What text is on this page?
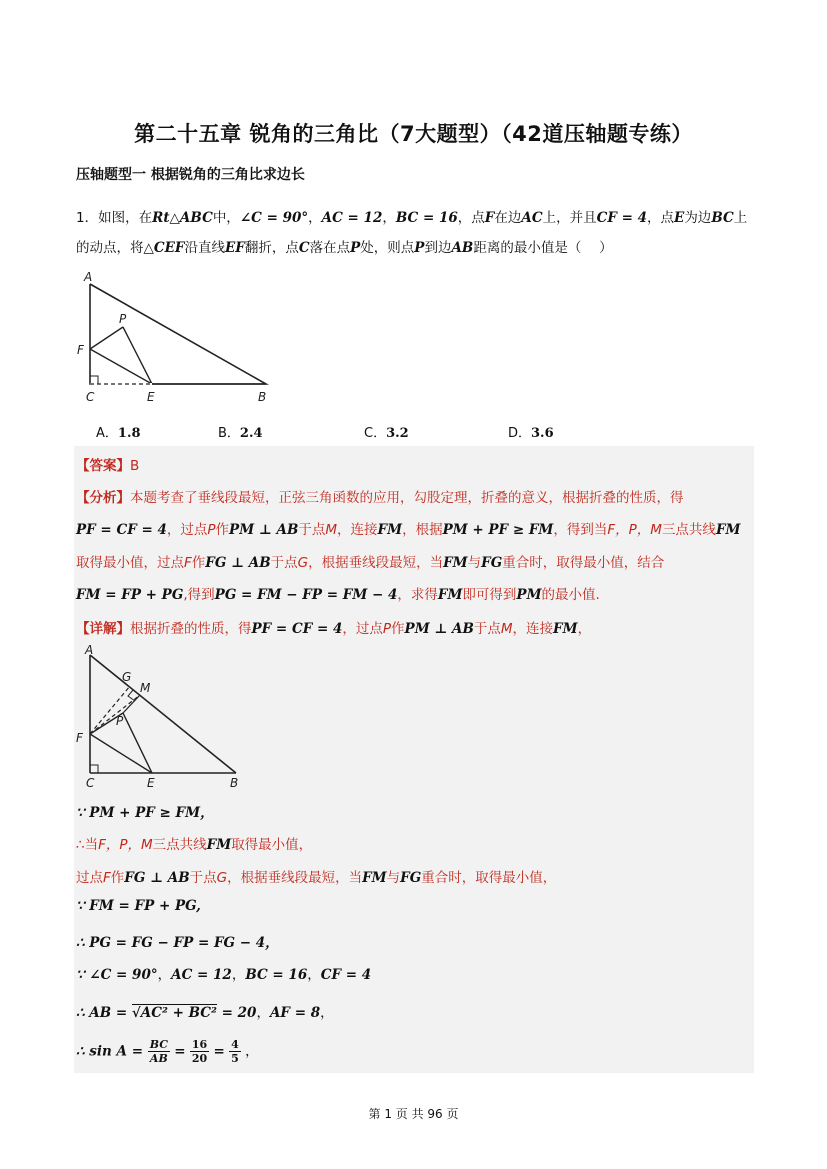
第二十五章 锐角的三角比（7大题型）（42道压轴题专练）
压轴题型一 根据锐角的三角比求边长
1．如图，在Rt△ABC中，∠C = 90°，AC = 12，BC = 16，点F在边AC上，并且CF = 4，点E为边BC上
的动点，将△CEF沿直线EF翻折，点C落在点P处，则点P到边AB距离的最小值是（　 ）
A
P
F
C	E	B
A．1.8	B．2.4	C．3.2	D．3.6
【答案】B
【分析】本题考查了垂线段最短，正弦三角函数的应用，勾股定理，折叠的意义，根据折叠的性质，得
PF = CF = 4，过点P作PM ⊥ AB于点M，连接FM，根据PM + PF ≥ FM，得到当F，P，M三点共线FM
取得最小值，过点F作FG ⊥ AB于点G，根据垂线段最短，当FM与FG重合时，取得最小值，结合
FM = FP + PG,得到PG = FM − FP = FM − 4，求得FM即可得到PM的最小值.
【详解】根据折叠的性质，得PF = CF = 4，过点P作PM ⊥ AB于点M，连接FM，
A
G
M
P
F
C	E	B
∵ PM + PF ≥ FM，
∴当F，P，M三点共线FM取得最小值，
过点F作FG ⊥ AB于点G，根据垂线段最短，当FM与FG重合时，取得最小值，
∵ FM = FP + PG,
∴ PG = FG − FP = FG − 4，
∵ ∠C = 90°，AC = 12，BC = 16，CF = 4
∴ AB = √AC² + BC² = 20，AF = 8，
∴ $\sin A = \frac{BC}{AB} = \frac{16}{20} = \frac{4}{5}$ ，
第 1 页 共 96 页
